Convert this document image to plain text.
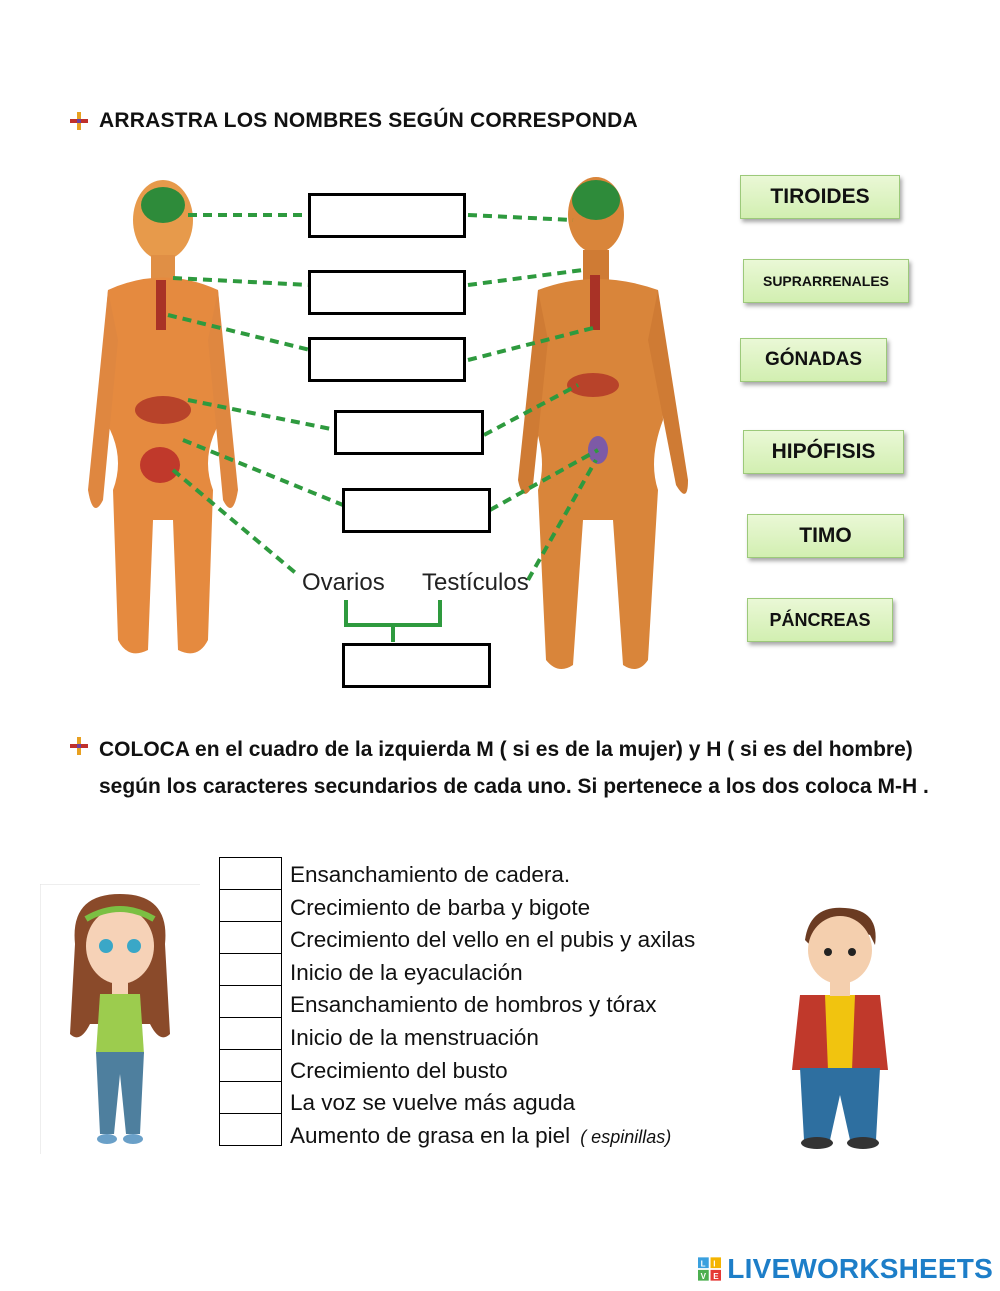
ARRASTRA LOS NOMBRES SEGÚN CORRESPONDA
Ovarios Testículos
TIROIDES
SUPRARRENALES
GÓNADAS
HIPÓFISIS
TIMO
PÁNCREAS
COLOCA en el cuadro de la izquierda M ( si es de la mujer) y H ( si es del hombre) según los caracteres secundarios de cada uno. Si pertenece a los dos coloca M-H .
Ensanchamiento de cadera.
Crecimiento de barba y bigote
Crecimiento del vello en el pubis y axilas
Inicio de la eyaculación
Ensanchamiento de hombros y tórax
Inicio de la menstruación
Crecimiento del busto
La voz se vuelve más aguda
Aumento de grasa en la piel ( espinillas)
L I
V E LIVEWORKSHEETS
